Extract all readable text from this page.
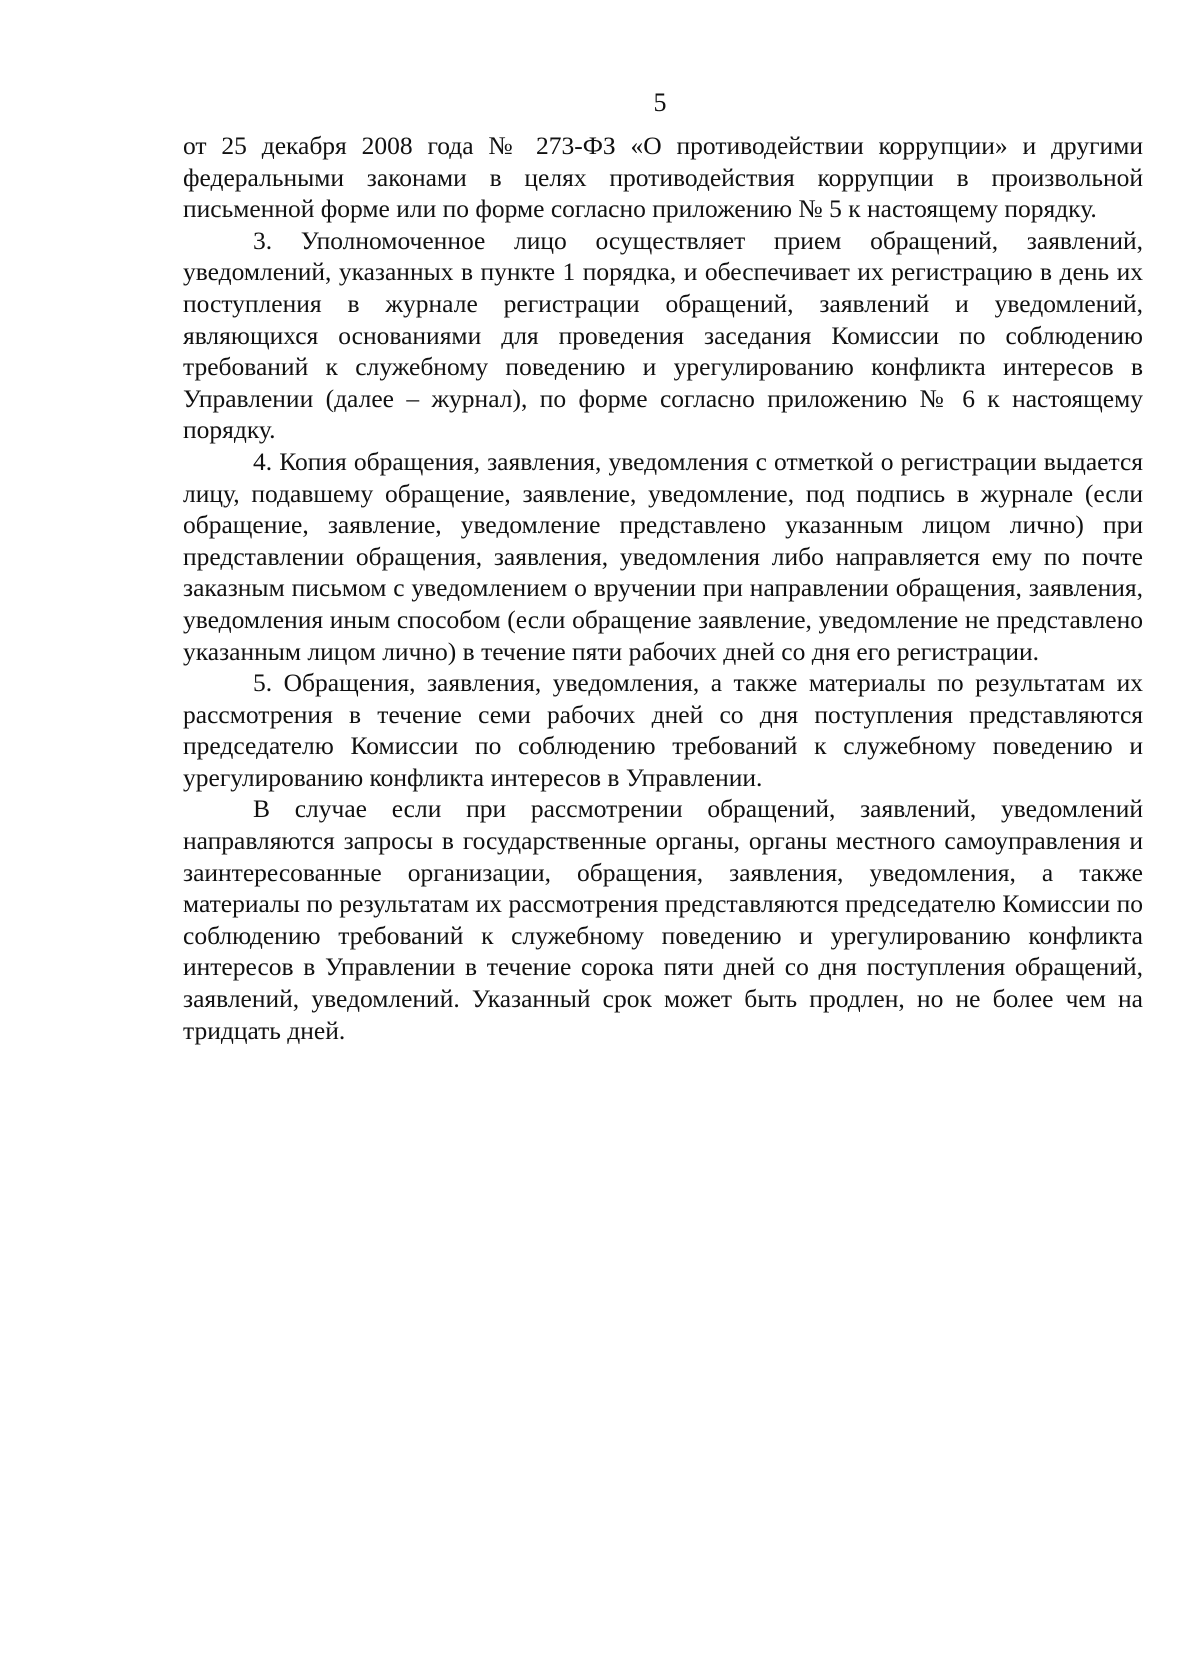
5

от 25 декабря 2008 года № 273-ФЗ «О противодействии коррупции» и другими федеральными законами в целях противодействия коррупции в произвольной письменной форме или по форме согласно приложению № 5 к настоящему порядку.

3. Уполномоченное лицо осуществляет прием обращений, заявлений, уведомлений, указанных в пункте 1 порядка, и обеспечивает их регистрацию в день их поступления в журнале регистрации обращений, заявлений и уведомлений, являющихся основаниями для проведения заседания Комиссии по соблюдению требований к служебному поведению и урегулированию конфликта интересов в Управлении (далее – журнал), по форме согласно приложению № 6 к настоящему порядку.

4. Копия обращения, заявления, уведомления с отметкой о регистрации выдается лицу, подавшему обращение, заявление, уведомление, под подпись в журнале (если обращение, заявление, уведомление представлено указанным лицом лично) при представлении обращения, заявления, уведомления либо направляется ему по почте заказным письмом с уведомлением о вручении при направлении обращения, заявления, уведомления иным способом (если обращение заявление, уведомление не представлено указанным лицом лично) в течение пяти рабочих дней со дня его регистрации.

5. Обращения, заявления, уведомления, а также материалы по результатам их рассмотрения в течение семи рабочих дней со дня поступления представляются председателю Комиссии по соблюдению требований к служебному поведению и урегулированию конфликта интересов в Управлении.

В случае если при рассмотрении обращений, заявлений, уведомлений направляются запросы в государственные органы, органы местного самоуправления и заинтересованные организации, обращения, заявления, уведомления, а также материалы по результатам их рассмотрения представляются председателю Комиссии по соблюдению требований к служебному поведению и урегулированию конфликта интересов в Управлении в течение сорока пяти дней со дня поступления обращений, заявлений, уведомлений. Указанный срок может быть продлен, но не более чем на тридцать дней.
